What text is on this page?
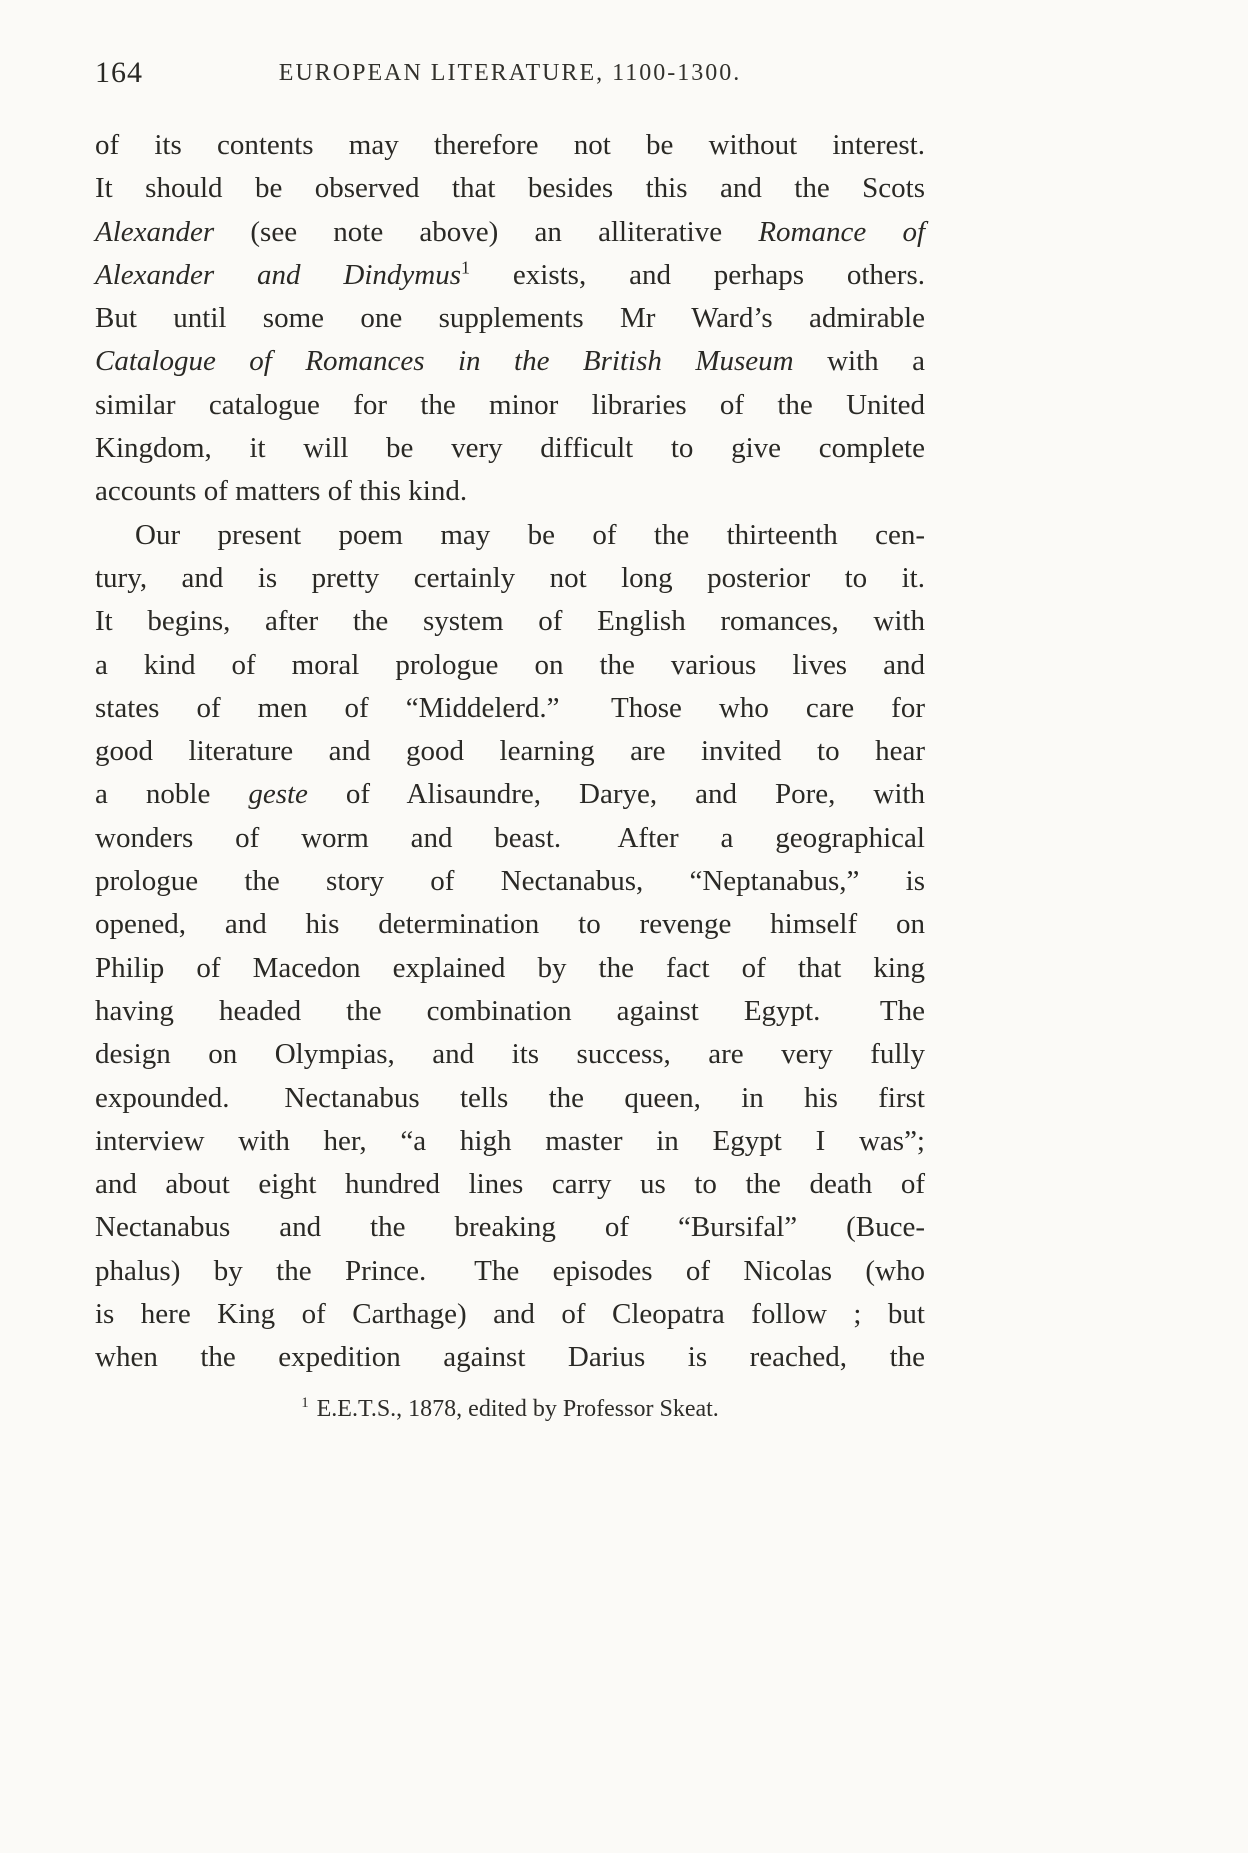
164	EUROPEAN LITERATURE, 1100-1300.
of its contents may therefore not be without interest.
It should be observed that besides this and the Scots
Alexander (see note above) an alliterative Romance of
Alexander and Dindymus$^1$ exists, and perhaps others.
But until some one supplements Mr Ward’s admirable
Catalogue of Romances in the British Museum with a
similar catalogue for the minor libraries of the United
Kingdom, it will be very difficult to give complete
accounts of matters of this kind.
Our present poem may be of the thirteenth cen-
tury, and is pretty certainly not long posterior to it.
It begins, after the system of English romances, with
a kind of moral prologue on the various lives and
states of men of “Middelerd.”  Those who care for
good literature and good learning are invited to hear
a noble geste of Alisaundre, Darye, and Pore, with
wonders of worm and beast.  After a geographical
prologue the story of Nectanabus, “Neptanabus,” is
opened, and his determination to revenge himself on
Philip of Macedon explained by the fact of that king
having headed the combination against Egypt.  The
design on Olympias, and its success, are very fully
expounded.  Nectanabus tells the queen, in his first
interview with her, “a high master in Egypt I was”;
and about eight hundred lines carry us to the death of
Nectanabus and the breaking of “Bursifal” (Buce-
phalus) by the Prince.  The episodes of Nicolas (who
is here King of Carthage) and of Cleopatra follow ; but
when the expedition against Darius is reached, the
$^1$ E.E.T.S., 1878, edited by Professor Skeat.
